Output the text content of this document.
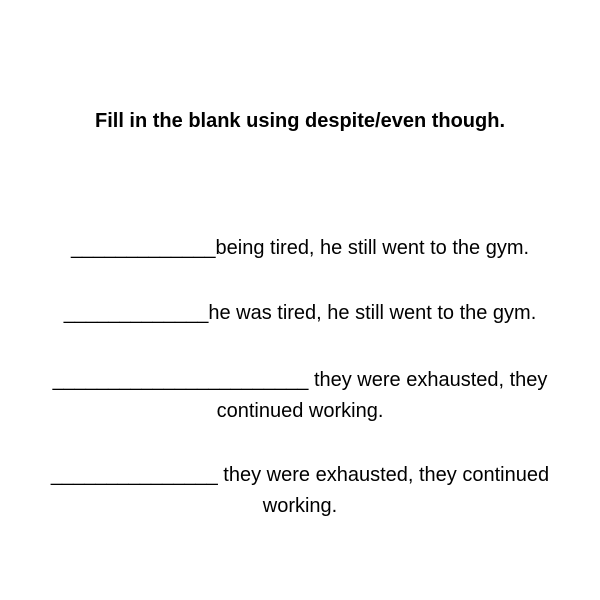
Fill in the blank using despite/even though.
_____________being tired, he still went to the gym.
_____________he was tired, he still went to the gym.
_______________________ they were exhausted, they
continued working.
_______________ they were exhausted, they continued
working.
